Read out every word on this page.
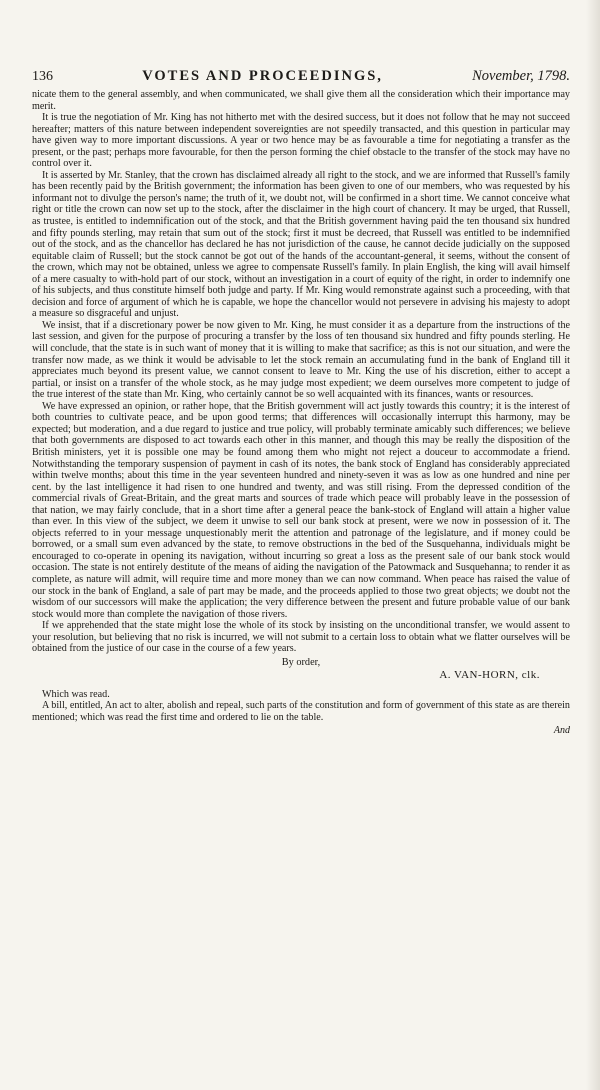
136	VOTES AND PROCEEDINGS,	November, 1798.

nicate them to the general assembly, and when communicated, we shall give them all the consideration which their importance may merit.

It is true the negotiation of Mr. King has not hitherto met with the desired success, but it does not follow that he may not succeed hereafter; matters of this nature between independent sovereignties are not speedily transacted, and this question in particular may have given way to more important discussions. A year or two hence may be as favourable a time for negotiating a transfer as the present, or the past; perhaps more favourable, for then the person forming the chief obstacle to the transfer of the stock may have no control over it.

It is asserted by Mr. Stanley, that the crown has disclaimed already all right to the stock, and we are informed that Russell's family has been recently paid by the British government; the information has been given to one of our members, who was requested by his informant not to divulge the person's name; the truth of it, we doubt not, will be confirmed in a short time. We cannot conceive what right or title the crown can now set up to the stock, after the disclaimer in the high court of chancery. It may be urged, that Russell, as trustee, is entitled to indemnification out of the stock, and that the British government having paid the ten thousand six hundred and fifty pounds sterling, may retain that sum out of the stock; first it must be decreed, that Russell was entitled to be indemnified out of the stock, and as the chancellor has declared he has not jurisdiction of the cause, he cannot decide judicially on the supposed equitable claim of Russell; but the stock cannot be got out of the hands of the accountant-general, it seems, without the consent of the crown, which may not be obtained, unless we agree to compensate Russell's family. In plain English, the king will avail himself of a mere casualty to with-hold part of our stock, without an investigation in a court of equity of the right, in order to indemnify one of his subjects, and thus constitute himself both judge and party. If Mr. King would remonstrate against such a proceeding, with that decision and force of argument of which he is capable, we hope the chancellor would not persevere in advising his majesty to adopt a measure so disgraceful and unjust.

We insist, that if a discretionary power be now given to Mr. King, he must consider it as a departure from the instructions of the last session, and given for the purpose of procuring a transfer by the loss of ten thousand six hundred and fifty pounds sterling. He will conclude, that the state is in such want of money that it is willing to make that sacrifice; as this is not our situation, and were the transfer now made, as we think it would be advisable to let the stock remain an accumulating fund in the bank of England till it appreciates much beyond its present value, we cannot consent to leave to Mr. King the use of his discretion, either to accept a partial, or insist on a transfer of the whole stock, as he may judge most expedient; we deem ourselves more competent to judge of the true interest of the state than Mr. King, who certainly cannot be so well acquainted with its finances, wants or resources.

We have expressed an opinion, or rather hope, that the British government will act justly towards this country; it is the interest of both countries to cultivate peace, and be upon good terms; that differences will occasionally interrupt this harmony, may be expected; but moderation, and a due regard to justice and true policy, will probably terminate amicably such differences; we believe that both governments are disposed to act towards each other in this manner, and though this may be really the disposition of the British ministers, yet it is possible one may be found among them who might not reject a douceur to accommodate a friend. Notwithstanding the temporary suspension of payment in cash of its notes, the bank stock of England has considerably appreciated within twelve months; about this time in the year seventeen hundred and ninety-seven it was as low as one hundred and nine per cent. by the last intelligence it had risen to one hundred and twenty, and was still rising. From the depressed condition of the commercial rivals of Great-Britain, and the great marts and sources of trade which peace will probably leave in the possession of that nation, we may fairly conclude, that in a short time after a general peace the bank-stock of England will attain a higher value than ever. In this view of the subject, we deem it unwise to sell our bank stock at present, were we now in possession of it. The objects referred to in your message unquestionably merit the attention and patronage of the legislature, and if money could be borrowed, or a small sum even advanced by the state, to remove obstructions in the bed of the Susquehanna, individuals might be encouraged to co-operate in opening its navigation, without incurring so great a loss as the present sale of our bank stock would occasion. The state is not entirely destitute of the means of aiding the navigation of the Patowmack and Susquehanna; to render it as complete, as nature will admit, will require time and more money than we can now command. When peace has raised the value of our stock in the bank of England, a sale of part may be made, and the proceeds applied to those two great objects; we doubt not the wisdom of our successors will make the application; the very difference between the present and future probable value of our bank stock would more than complete the navigation of those rivers.

If we apprehended that the state might lose the whole of its stock by insisting on the unconditional transfer, we would assent to your resolution, but believing that no risk is incurred, we will not submit to a certain loss to obtain what we flatter ourselves will be obtained from the justice of our case in the course of a few years.

By order,
A. VAN-HORN, clk.

Which was read.

A bill, entitled, An act to alter, abolish and repeal, such parts of the constitution and form of government of this state as are therein mentioned; which was read the first time and ordered to lie on the table.

And
